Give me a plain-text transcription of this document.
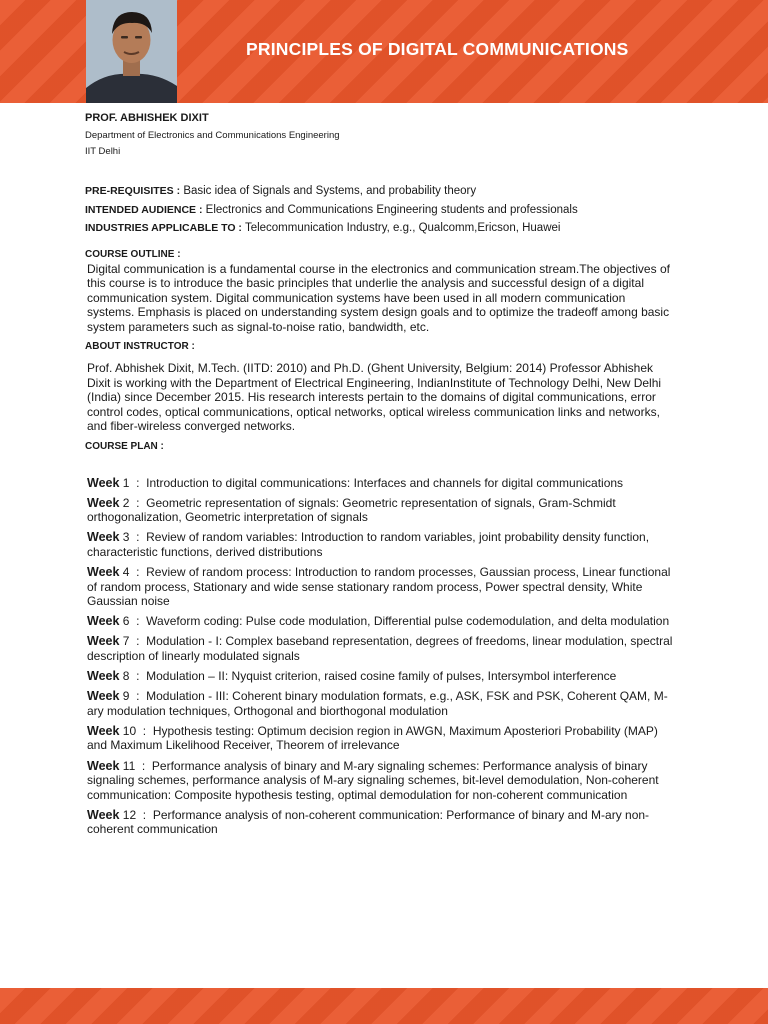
PRINCIPLES OF DIGITAL COMMUNICATIONS

PROF. ABHISHEK DIXIT

Department of Electronics and Communications Engineering

IIT Delhi

PRE-REQUISITES : Basic idea of Signals and Systems, and probability theory

INTENDED AUDIENCE : Electronics and Communications Engineering students and professionals

INDUSTRIES APPLICABLE TO : Telecommunication Industry, e.g., Qualcomm,Ericson, Huawei

COURSE OUTLINE :

Digital communication is a fundamental course in the electronics and communication stream.The objectives of this course is to introduce the basic principles that underlie the analysis and successful design of a digital communication system. Digital communication systems have been used in all modern communication systems. Emphasis is placed on understanding system design goals and to optimize the tradeoff among basic system parameters such as signal-to-noise ratio, bandwidth, etc.

ABOUT INSTRUCTOR :

Prof. Abhishek Dixit, M.Tech. (IITD: 2010) and Ph.D. (Ghent University, Belgium: 2014) Professor Abhishek Dixit is working with the Department of Electrical Engineering, IndianInstitute of Technology Delhi, New Delhi (India) since December 2015. His research interests pertain to the domains of digital communications, error control codes, optical communications, optical networks, optical wireless communication links and networks, and fiber-wireless converged networks.

COURSE PLAN :

Week 1  :  Introduction to digital communications: Interfaces and channels for digital communications

Week 2  :  Geometric representation of signals: Geometric representation of signals, Gram-Schmidt orthogonalization, Geometric interpretation of signals

Week 3  :  Review of random variables: Introduction to random variables, joint probability density function, characteristic functions, derived distributions

Week 4  :  Review of random process: Introduction to random processes, Gaussian process, Linear functional of random process, Stationary and wide sense stationary random process, Power spectral density, White Gaussian noise

Week 6  :  Waveform coding: Pulse code modulation, Differential pulse codemodulation, and delta modulation

Week 7  :  Modulation - I: Complex baseband representation, degrees of freedoms, linear modulation, spectral description of linearly modulated signals

Week 8  :  Modulation – II: Nyquist criterion, raised cosine family of pulses, Intersymbol interference

Week 9  :  Modulation - III: Coherent binary modulation formats, e.g., ASK, FSK and PSK, Coherent QAM, M-ary modulation techniques, Orthogonal and biorthogonal modulation

Week 10  :  Hypothesis testing: Optimum decision region in AWGN, Maximum Aposteriori Probability (MAP) and Maximum Likelihood Receiver, Theorem of irrelevance

Week 11  :  Performance analysis of binary and M-ary signaling schemes: Performance analysis of binary signaling schemes, performance analysis of M-ary signaling schemes, bit-level demodulation, Non-coherent communication: Composite hypothesis testing, optimal demodulation for non-coherent communication

Week 12  :  Performance analysis of non-coherent communication: Performance of binary and M-ary non-coherent communication
